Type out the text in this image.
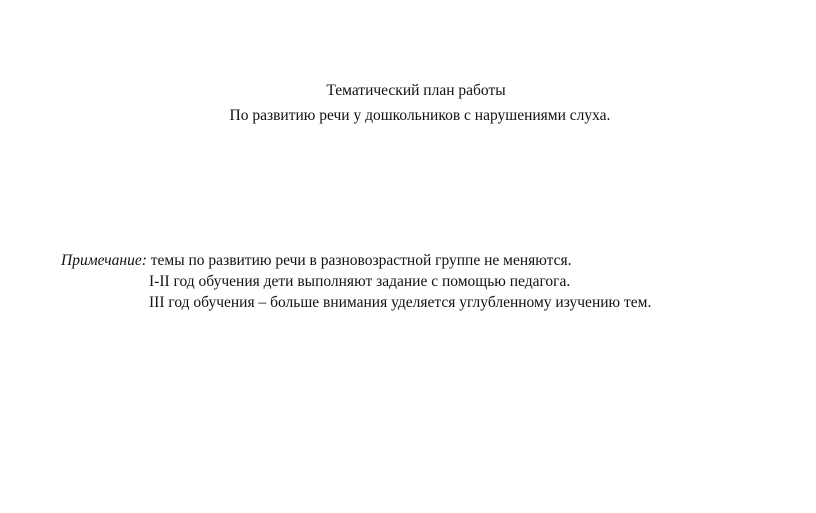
Тематический план работы
По развитию речи у дошкольников с нарушениями слуха.
Примечание: темы по развитию речи в разновозрастной группе не меняются.
I-II год обучения дети выполняют задание с помощью педагога.
III год обучения – больше внимания уделяется углубленному изучению тем.
